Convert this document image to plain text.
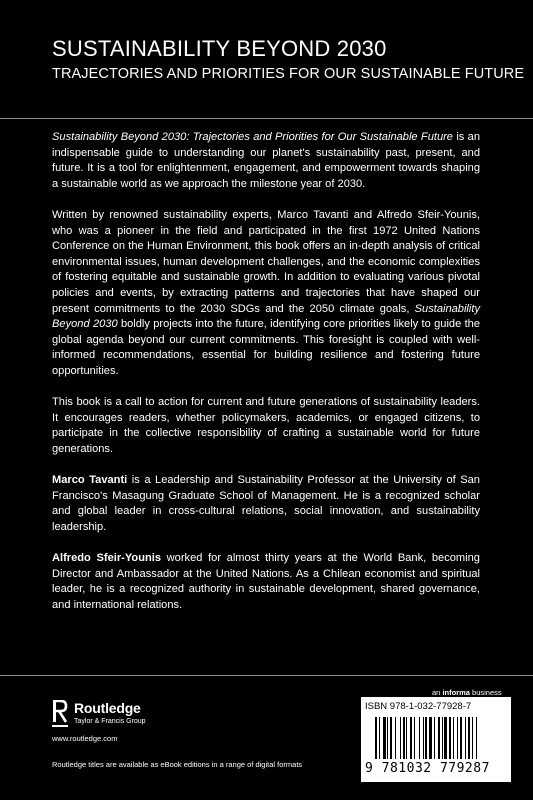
SUSTAINABILITY BEYOND 2030
TRAJECTORIES AND PRIORITIES FOR OUR SUSTAINABLE FUTURE

Sustainability Beyond 2030: Trajectories and Priorities for Our Sustainable Future is an indispensable guide to understanding our planet's sustainability past, present, and future. It is a tool for enlightenment, engagement, and empowerment towards shaping a sustainable world as we approach the milestone year of 2030.

Written by renowned sustainability experts, Marco Tavanti and Alfredo Sfeir-Younis, who was a pioneer in the field and participated in the first 1972 United Nations Conference on the Human Environment, this book offers an in-depth analysis of critical environmental issues, human development challenges, and the economic complexities of fostering equitable and sustainable growth. In addition to evaluating various pivotal policies and events, by extracting patterns and trajectories that have shaped our present commitments to the 2030 SDGs and the 2050 climate goals, Sustainability Beyond 2030 boldly projects into the future, identifying core priorities likely to guide the global agenda beyond our current commitments. This foresight is coupled with well-informed recommendations, essential for building resilience and fostering future opportunities.

This book is a call to action for current and future generations of sustainability leaders. It encourages readers, whether policymakers, academics, or engaged citizens, to participate in the collective responsibility of crafting a sustainable world for future generations.

Marco Tavanti is a Leadership and Sustainability Professor at the University of San Francisco's Masagung Graduate School of Management. He is a recognized scholar and global leader in cross-cultural relations, social innovation, and sustainability leadership.

Alfredo Sfeir-Younis worked for almost thirty years at the World Bank, becoming Director and Ambassador at the United Nations. As a Chilean economist and spiritual leader, he is a recognized authority in sustainable development, shared governance, and international relations.

an informa business
Routledge
Taylor & Francis Group
www.routledge.com
Routledge titles are available as eBook editions in a range of digital formats
ISBN 978-1-032-77928-7
9 781032 779287
